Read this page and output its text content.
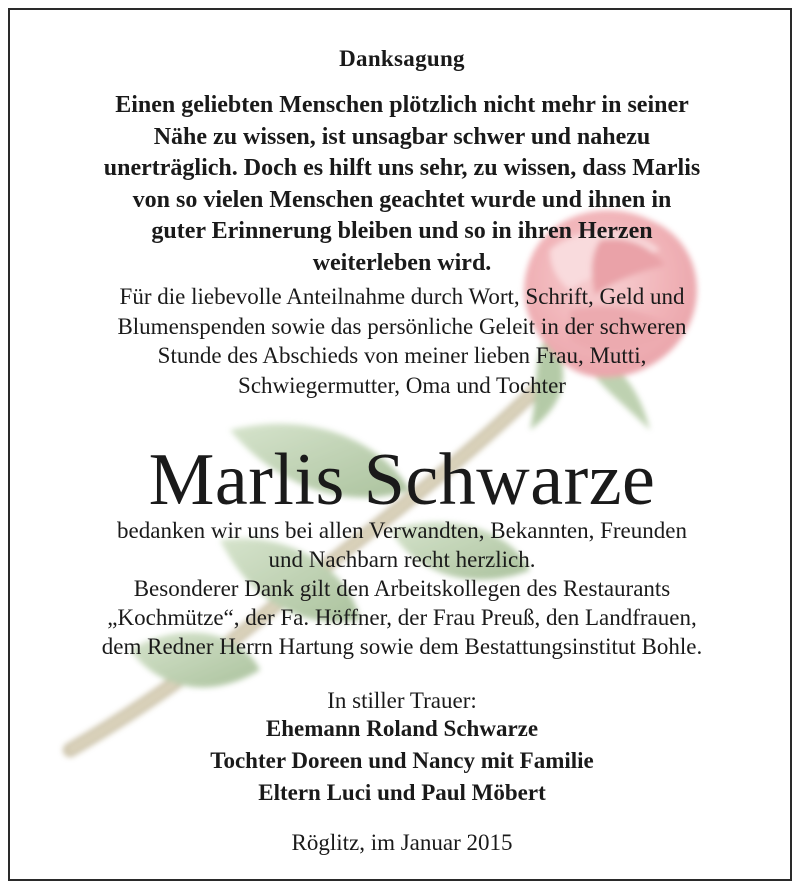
Danksagung
Einen geliebten Menschen plötzlich nicht mehr in seiner
Nähe zu wissen, ist unsagbar schwer und nahezu
unerträglich. Doch es hilft uns sehr, zu wissen, dass Marlis
von so vielen Menschen geachtet wurde und ihnen in
guter Erinnerung bleiben und so in ihren Herzen
weiterleben wird.
Für die liebevolle Anteilnahme durch Wort, Schrift, Geld und
Blumenspenden sowie das persönliche Geleit in der schweren
Stunde des Abschieds von meiner lieben Frau, Mutti,
Schwiegermutter, Oma und Tochter
Marlis Schwarze
bedanken wir uns bei allen Verwandten, Bekannten, Freunden
und Nachbarn recht herzlich.
Besonderer Dank gilt den Arbeitskollegen des Restaurants
„Kochmütze“, der Fa. Höffner, der Frau Preuß, den Landfrauen,
dem Redner Herrn Hartung sowie dem Bestattungsinstitut Bohle.
In stiller Trauer:
Ehemann Roland Schwarze
Tochter Doreen und Nancy mit Familie
Eltern Luci und Paul Möbert
Röglitz, im Januar 2015
